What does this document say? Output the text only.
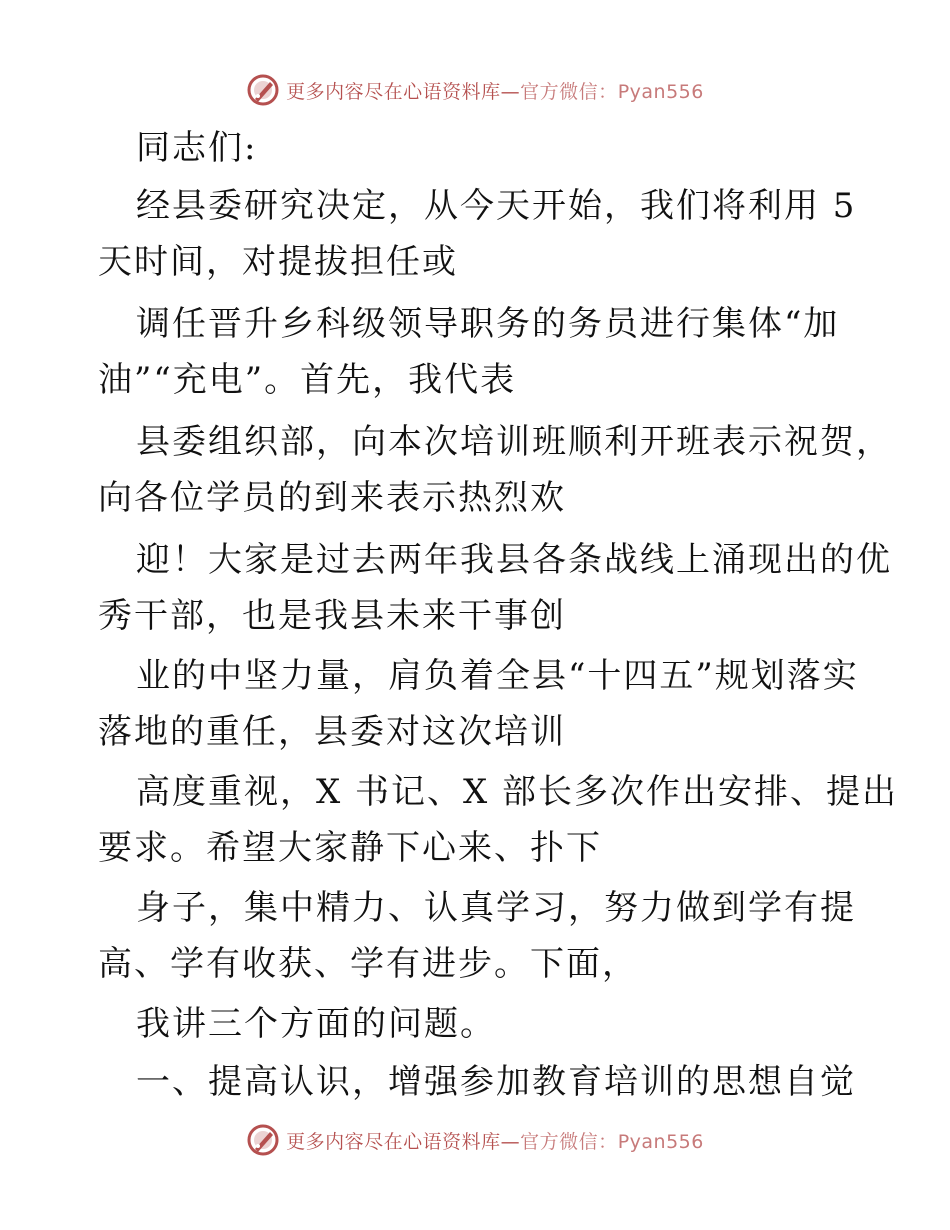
更多内容尽在心语资料库—官方微信：Pyan556
同志们:
经县委研究决定，从今天开始，我们将利用 5
天时间，对提拔担任或
调任晋升乡科级领导职务的务员进行集体“加
油”“充电”。首先，我代表
县委组织部，向本次培训班顺利开班表示祝贺，
向各位学员的到来表示热烈欢
迎！大家是过去两年我县各条战线上涌现出的优
秀干部，也是我县未来干事创
业的中坚力量，肩负着全县“十四五”规划落实
落地的重任，县委对这次培训
高度重视，X 书记、X 部长多次作出安排、提出
要求。希望大家静下心来、扑下
身子，集中精力、认真学习，努力做到学有提
高、学有收获、学有进步。下面，
我讲三个方面的问题。
一、提高认识，增强参加教育培训的思想自觉
更多内容尽在心语资料库—官方微信：Pyan556
